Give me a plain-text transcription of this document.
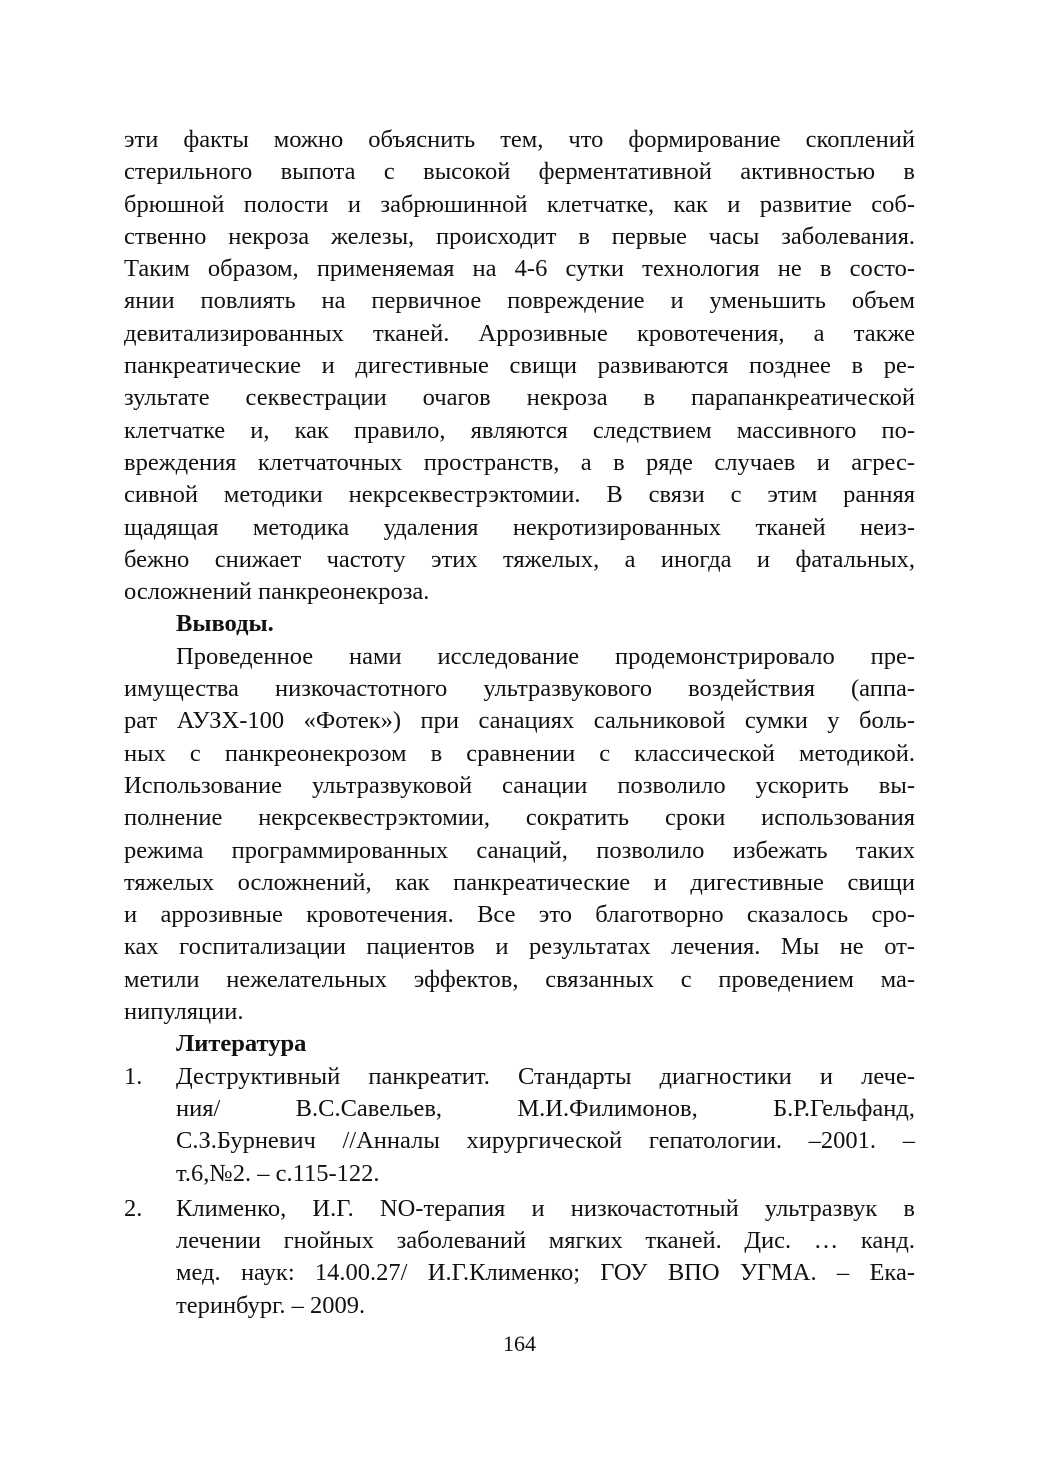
эти факты можно объяснить тем, что формирование скоплений
стерильного выпота с высокой ферментативной активностью в
брюшной полости и забрюшинной клетчатке, как и развитие соб-
ственно некроза железы, происходит в первые часы заболевания.
Таким образом, применяемая на 4-6 сутки технология не в состо-
янии повлиять на первичное повреждение и уменьшить объем
девитализированных тканей. Аррозивные кровотечения, а также
панкреатические и дигестивные свищи развиваются позднее в ре-
зультате секвестрации очагов некроза в парапанкреатической
клетчатке и, как правило, являются следствием массивного по-
вреждения клетчаточных пространств, а в ряде случаев и агрес-
сивной методики некрсеквестрэктомии. В связи с этим ранняя
щадящая методика удаления некротизированных тканей неиз-
бежно снижает частоту этих тяжелых, а иногда и фатальных,
осложнений панкреонекроза.

Выводы.

Проведенное нами исследование продемонстрировало пре-
имущества низкочастотного ультразвукового воздействия (аппа-
рат АУЗХ-100 «Фотек») при санациях сальниковой сумки у боль-
ных с панкреонекрозом в сравнении с классической методикой.
Использование ультразвуковой санации позволило ускорить вы-
полнение некрсеквестрэктомии, сократить сроки использования
режима программированных санаций, позволило избежать таких
тяжелых осложнений, как панкреатические и дигестивные свищи
и аррозивные кровотечения. Все это благотворно сказалось сро-
ках госпитализации пациентов и результатах лечения. Мы не от-
метили нежелательных эффектов, связанных с проведением ма-
нипуляции.

Литература
1. Деструктивный панкреатит. Стандарты диагностики и лече-
ния/ В.С.Савельев, М.И.Филимонов, Б.Р.Гельфанд,
С.З.Бурневич //Анналы хирургической гепатологии. –2001. –
т.6,№2. – с.115-122.
2. Клименко, И.Г. NO-терапия и низкочастотный ультразвук в
лечении гнойных заболеваний мягких тканей. Дис. … канд.
мед. наук: 14.00.27/ И.Г.Клименко; ГОУ ВПО УГМА. – Ека-
теринбург. – 2009.
164
